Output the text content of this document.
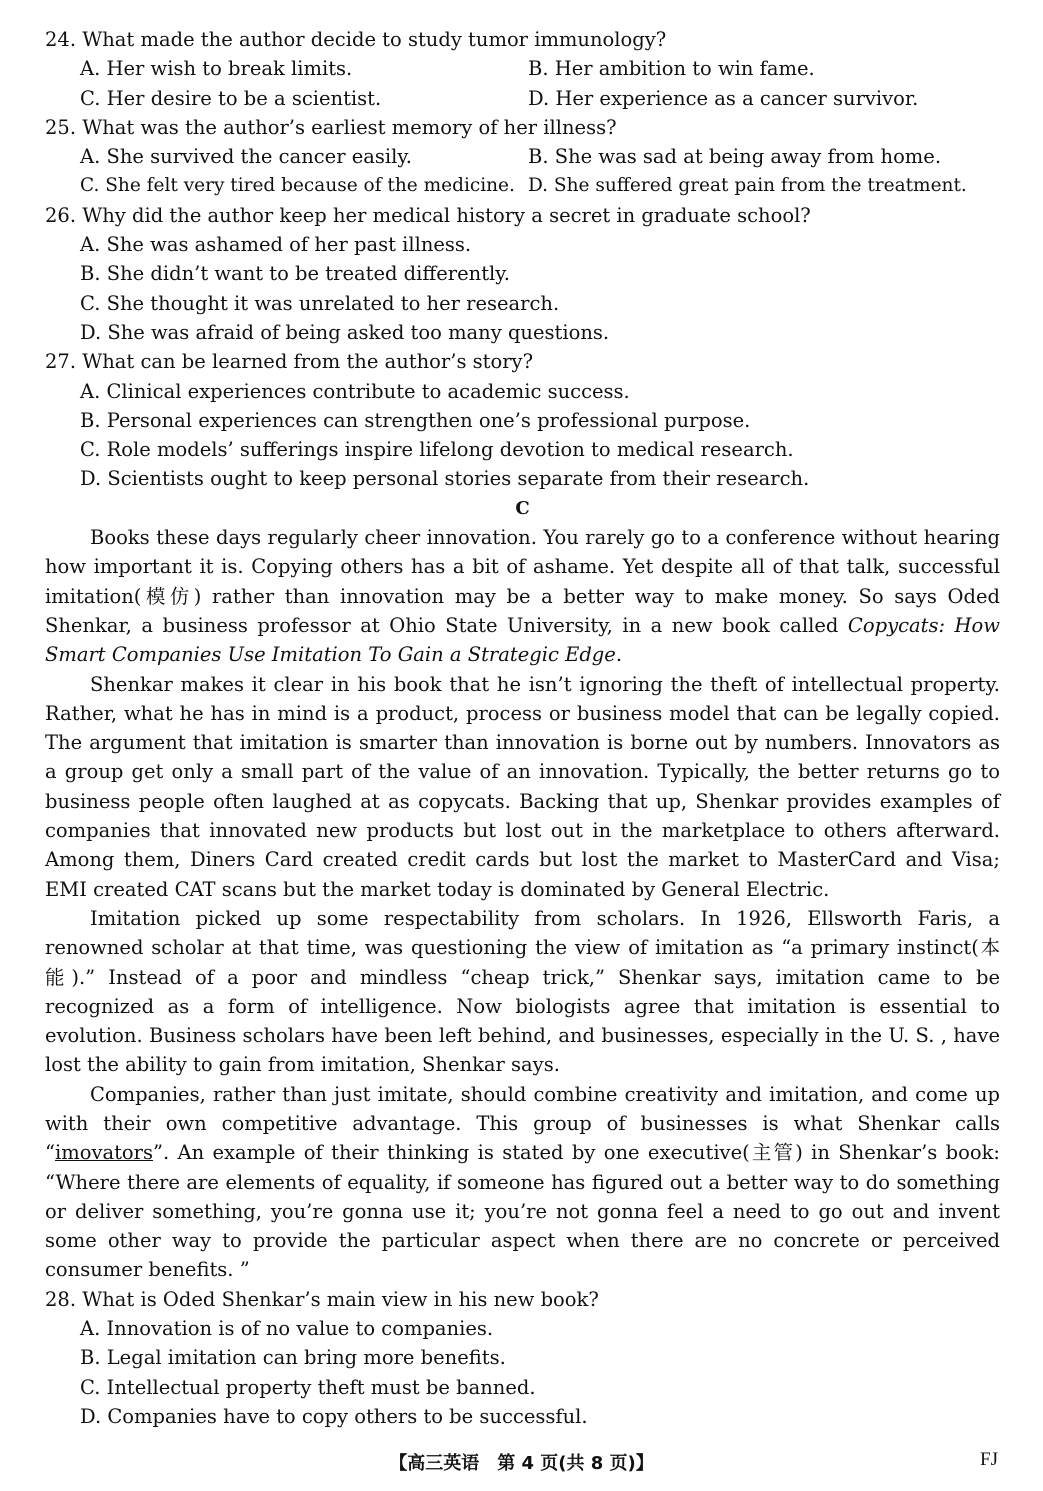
24. What made the author decide to study tumor immunology?
A. Her wish to break limits.	B. Her ambition to win fame.
C. Her desire to be a scientist.	D. Her experience as a cancer survivor.
25. What was the author’s earliest memory of her illness?
A. She survived the cancer easily.	B. She was sad at being away from home.
C. She felt very tired because of the medicine. D. She suffered great pain from the treatment.
26. Why did the author keep her medical history a secret in graduate school?
A. She was ashamed of her past illness.
B. She didn’t want to be treated differently.
C. She thought it was unrelated to her research.
D. She was afraid of being asked too many questions.
27. What can be learned from the author’s story?
A. Clinical experiences contribute to academic success.
B. Personal experiences can strengthen one’s professional purpose.
C. Role models’ sufferings inspire lifelong devotion to medical research.
D. Scientists ought to keep personal stories separate from their research.
C

Books these days regularly cheer innovation. You rarely go to a conference without hearing how important it is. Copying others has a bit of ashame. Yet despite all of that talk, successful imitation(模仿) rather than innovation may be a better way to make money. So says Oded Shenkar, a business professor at Ohio State University, in a new book called Copycats: How Smart Companies Use Imitation To Gain a Strategic Edge.

Shenkar makes it clear in his book that he isn’t ignoring the theft of intellectual property. Rather, what he has in mind is a product, process or business model that can be legally copied. The argument that imitation is smarter than innovation is borne out by numbers. Innovators as a group get only a small part of the value of an innovation. Typically, the better returns go to business people often laughed at as copycats. Backing that up, Shenkar provides examples of companies that innovated new products but lost out in the marketplace to others afterward. Among them, Diners Card created credit cards but lost the market to MasterCard and Visa; EMI created CAT scans but the market today is dominated by General Electric.

Imitation picked up some respectability from scholars. In 1926, Ellsworth Faris, a renowned scholar at that time, was questioning the view of imitation as “a primary instinct(本能).” Instead of a poor and mindless “cheap trick,” Shenkar says, imitation came to be recognized as a form of intelligence. Now biologists agree that imitation is essential to evolution. Business scholars have been left behind, and businesses, especially in the U. S. , have lost the ability to gain from imitation, Shenkar says.

Companies, rather than just imitate, should combine creativity and imitation, and come up with their own competitive advantage. This group of businesses is what Shenkar calls “imovators”. An example of their thinking is stated by one executive(主管) in Shenkar’s book: “Where there are elements of equality, if someone has figured out a better way to do something or deliver something, you’re gonna use it; you’re not gonna feel a need to go out and invent some other way to provide the particular aspect when there are no concrete or perceived consumer benefits. ”

28. What is Oded Shenkar’s main view in his new book?
A. Innovation is of no value to companies.
B. Legal imitation can bring more benefits.
C. Intellectual property theft must be banned.
D. Companies have to copy others to be successful.
【高三英语　第 4 页(共 8 页)】	FJ
